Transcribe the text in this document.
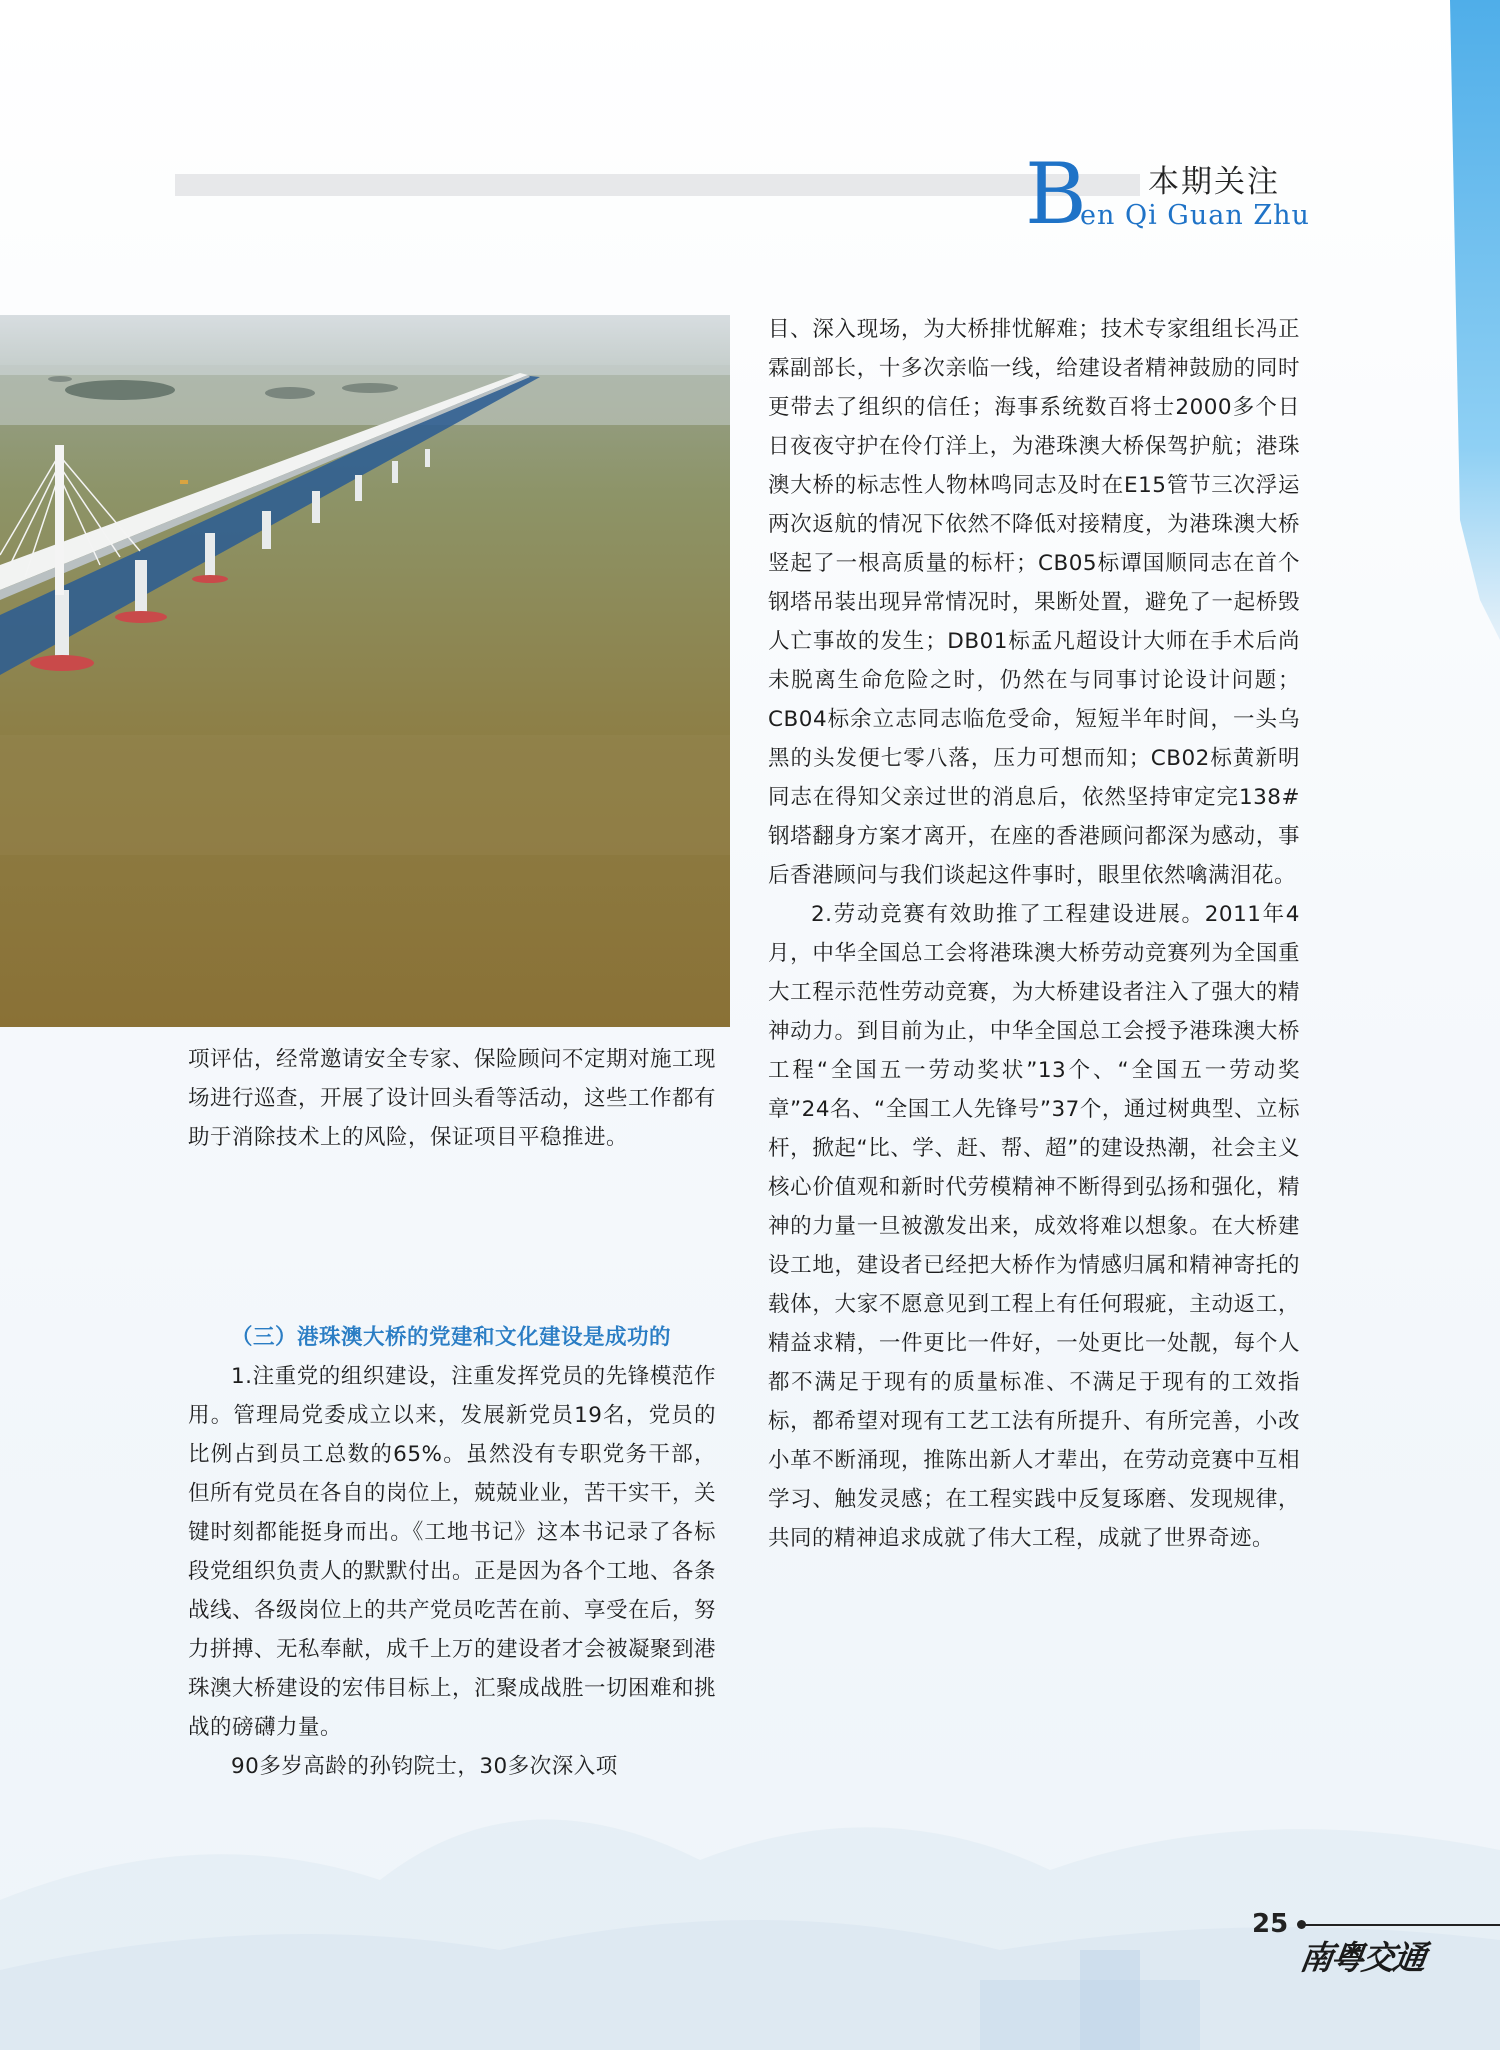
B 本期关注
en Qi Guan Zhu

目、深入现场，为大桥排忧解难；技术专家组组长冯正霖副部长，十多次亲临一线，给建设者精神鼓励的同时更带去了组织的信任；海事系统数百将士2000多个日日夜夜守护在伶仃洋上，为港珠澳大桥保驾护航；港珠澳大桥的标志性人物林鸣同志及时在E15管节三次浮运两次返航的情况下依然不降低对接精度，为港珠澳大桥竖起了一根高质量的标杆；CB05标谭国顺同志在首个钢塔吊装出现异常情况时，果断处置，避免了一起桥毁人亡事故的发生；DB01标孟凡超设计大师在手术后尚未脱离生命危险之时，仍然在与同事讨论设计问题；CB04标余立志同志临危受命，短短半年时间，一头乌黑的头发便七零八落，压力可想而知；CB02标黄新明同志在得知父亲过世的消息后，依然坚持审定完138#钢塔翻身方案才离开，在座的香港顾问都深为感动，事后香港顾问与我们谈起这件事时，眼里依然噙满泪花。

2.劳动竞赛有效助推了工程建设进展。2011年4月，中华全国总工会将港珠澳大桥劳动竞赛列为全国重大工程示范性劳动竞赛，为大桥建设者注入了强大的精神动力。到目前为止，中华全国总工会授予港珠澳大桥工程“全国五一劳动奖状”13个、“全国五一劳动奖章”24名、“全国工人先锋号”37个，通过树典型、立标杆，掀起“比、学、赶、帮、超”的建设热潮，社会主义核心价值观和新时代劳模精神不断得到弘扬和强化，精神的力量一旦被激发出来，成效将难以想象。在大桥建设工地，建设者已经把大桥作为情感归属和精神寄托的载体，大家不愿意见到工程上有任何瑕疵，主动返工，精益求精，一件更比一件好，一处更比一处靓，每个人都不满足于现有的质量标准、不满足于现有的工效指标，都希望对现有工艺工法有所提升、有所完善，小改小革不断涌现，推陈出新人才辈出，在劳动竞赛中互相学习、触发灵感；在工程实践中反复琢磨、发现规律，共同的精神追求成就了伟大工程，成就了世界奇迹。

项评估，经常邀请安全专家、保险顾问不定期对施工现场进行巡查，开展了设计回头看等活动，这些工作都有助于消除技术上的风险，保证项目平稳推进。

（三）港珠澳大桥的党建和文化建设是成功的

1.注重党的组织建设，注重发挥党员的先锋模范作用。管理局党委成立以来，发展新党员19名，党员的比例占到员工总数的65%。虽然没有专职党务干部，但所有党员在各自的岗位上，兢兢业业，苦干实干，关键时刻都能挺身而出。《工地书记》这本书记录了各标段党组织负责人的默默付出。正是因为各个工地、各条战线、各级岗位上的共产党员吃苦在前、享受在后，努力拼搏、无私奉献，成千上万的建设者才会被凝聚到港珠澳大桥建设的宏伟目标上，汇聚成战胜一切困难和挑战的磅礴力量。

90多岁高龄的孙钧院士，30多次深入项

25
南粤交通
